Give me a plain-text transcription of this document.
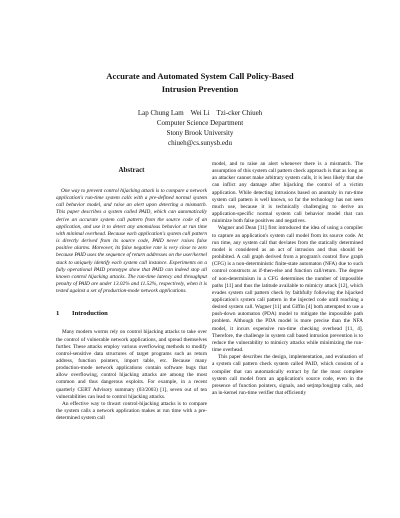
Accurate and Automated System Call Policy-Based
Intrusion Prevention
Lap Chung Lam    Wei Li    Tzi-cker Chiueh
Computer Science Department
Stony Brook University
chiueh@cs.sunysb.edu
Abstract

One way to prevent control hijacking attack is to compare a network application's run-time system calls with a pre-defined normal system call behavior model, and raise an alert upon detecting a mismatch. This paper describes a system called PAID, which can automatically derive an accurate system call pattern from the source code of an application, and use it to detect any anomalous behavior at run time with minimal overhead. Because each application's system call pattern is directly derived from its source code, PAID never raises false positive alarms. Moreover, its false negative rate is very close to zero because PAID uses the sequence of return addresses on the user/kernel stack to uniquely identify each system call instance. Experiments on a fully operational PAID prototype show that PAID can indeed stop all known control hijacking attacks. The run-time latency and throughput penalty of PAID are under 13.02% and 11.52%, respectively, when it is tested against a set of production-mode network applications.

1 Introduction

Many modern worms rely on control hijacking attacks to take over the control of vulnerable network applications, and spread themselves further. These attacks employ various overflowing methods to modify control-sensitive data structures of target programs such as return address, function pointers, import table, etc. Because many production-mode network applications contain software bugs that allow overflowing, control hijacking attacks are among the most common and thus dangerous exploits. For example, in a recent quarterly CERT Advisory summary (03/2003) [1], seven out of ten vulnerabilities can lead to control hijacking attacks.

An effective way to thwart control-hijacking attacks is to compare the system calls a network application makes at run time with a pre-determined system call

model, and to raise an alert whenever there is a mismatch. The assumption of this system call pattern check approach is that as long as an attacker cannot make arbitrary system calls, it is less likely that she can inflict any damage after hijacking the control of a victim application. While detecting intrusions based on anomaly in run-time system call pattern is well known, so far the technology has not seen much use, because it is technically challenging to derive an application-specific normal system call behavior model that can minimize both false positives and negatives.

Wagner and Dean [11] first introduced the idea of using a compiler to capture an application's system call model from its source code. At run time, any system call that deviates from the statically determined model is considered as an act of intrusion and thus should be prohibited. A call graph derived from a program's control flow graph (CFG) is a non-deterministic finite-state automaton (NFA) due to such control constructs as if-then-else and function call/return. The degree of non-determinism in a CFG determines the number of impossible paths [11] and thus the latitude available to mimicry attack [12], which evades system call pattern check by faithfully following the hijacked application's system call pattern in the injected code until reaching a desired system call. Wagner [11] and Giffin [4] both attempted to use a push-down automaton (PDA) model to mitigate the impossible path problem. Although the PDA model is more precise than the NFA model, it incurs expensive run-time checking overhead [11, 4]. Therefore, the challenge in system call based intrusion prevention is to reduce the vulnerability to mimicry attacks while minimizing the run-time overhead.

This paper describes the design, implementation, and evaluation of a system call pattern check system called PAID, which consists of a compiler that can automatically extract by far the most complete system call model from an application's source code, even in the presence of function pointers, signals, and setjmp/longjmp calls, and an in-kernel run-time verifier that efficiently
